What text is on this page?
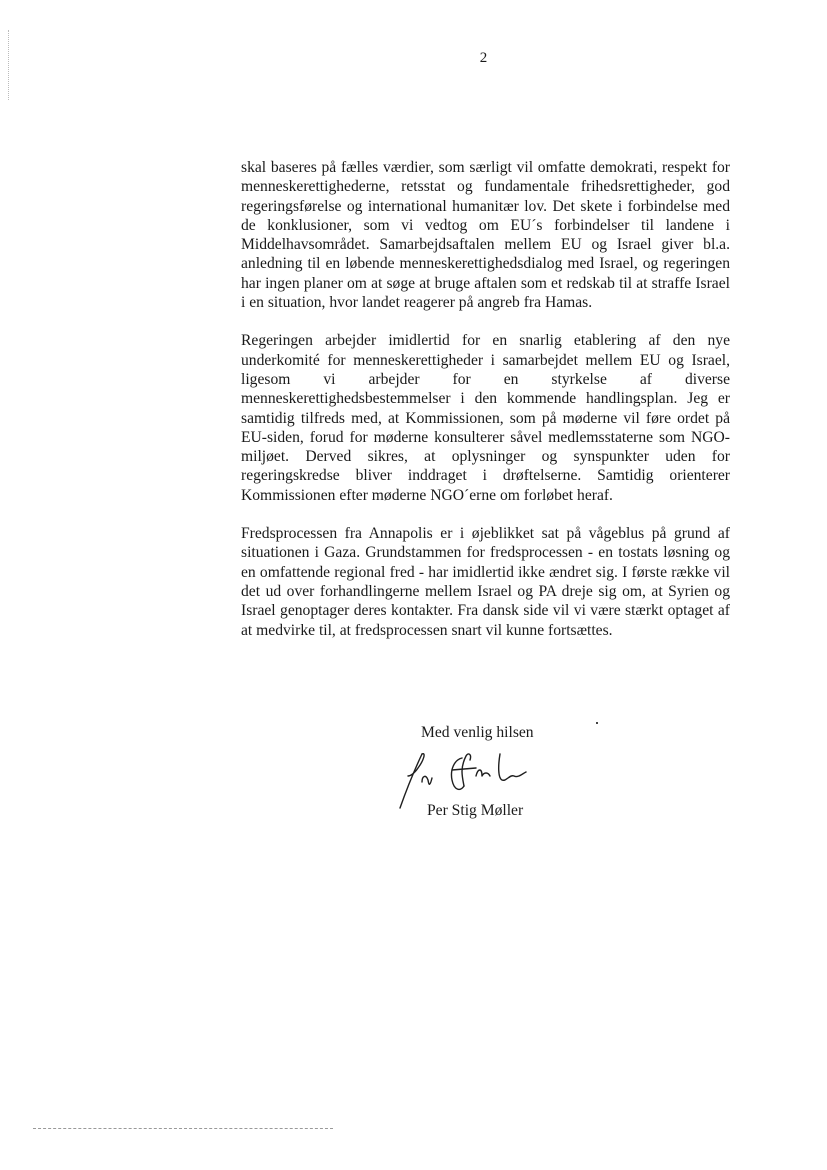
2

skal baseres på fælles værdier, som særligt vil omfatte demokrati, respekt for menneskerettighederne, retsstat og fundamentale frihedsrettigheder, god regeringsførelse og international humanitær lov. Det skete i forbindelse med de konklusioner, som vi vedtog om EU´s forbindelser til landene i Middelhavsområdet. Samarbejdsaftalen mellem EU og Israel giver bl.a. anledning til en løbende menneskerettighedsdialog med Israel, og regeringen har ingen planer om at søge at bruge aftalen som et redskab til at straffe Israel i en situation, hvor landet reagerer på angreb fra Hamas.

Regeringen arbejder imidlertid for en snarlig etablering af den nye underkomité for menneskerettigheder i samarbejdet mellem EU og Israel, ligesom vi arbejder for en styrkelse af diverse menneskerettighedsbestemmelser i den kommende handlingsplan. Jeg er samtidig tilfreds med, at Kommissionen, som på møderne vil føre ordet på EU-siden, forud for møderne konsulterer såvel medlemsstaterne som NGO-miljøet. Derved sikres, at oplysninger og synspunkter uden for regeringskredse bliver inddraget i drøftelserne. Samtidig orienterer Kommissionen efter møderne NGO´erne om forløbet heraf.

Fredsprocessen fra Annapolis er i øjeblikket sat på vågeblus på grund af situationen i Gaza. Grundstammen for fredsprocessen - en tostats løsning og en omfattende regional fred - har imidlertid ikke ændret sig. I første række vil det ud over forhandlingerne mellem Israel og PA dreje sig om, at Syrien og Israel genoptager deres kontakter. Fra dansk side vil vi være stærkt optaget af at medvirke til, at fredsprocessen snart vil kunne fortsættes.

Med venlig hilsen
Per Stig Møller
